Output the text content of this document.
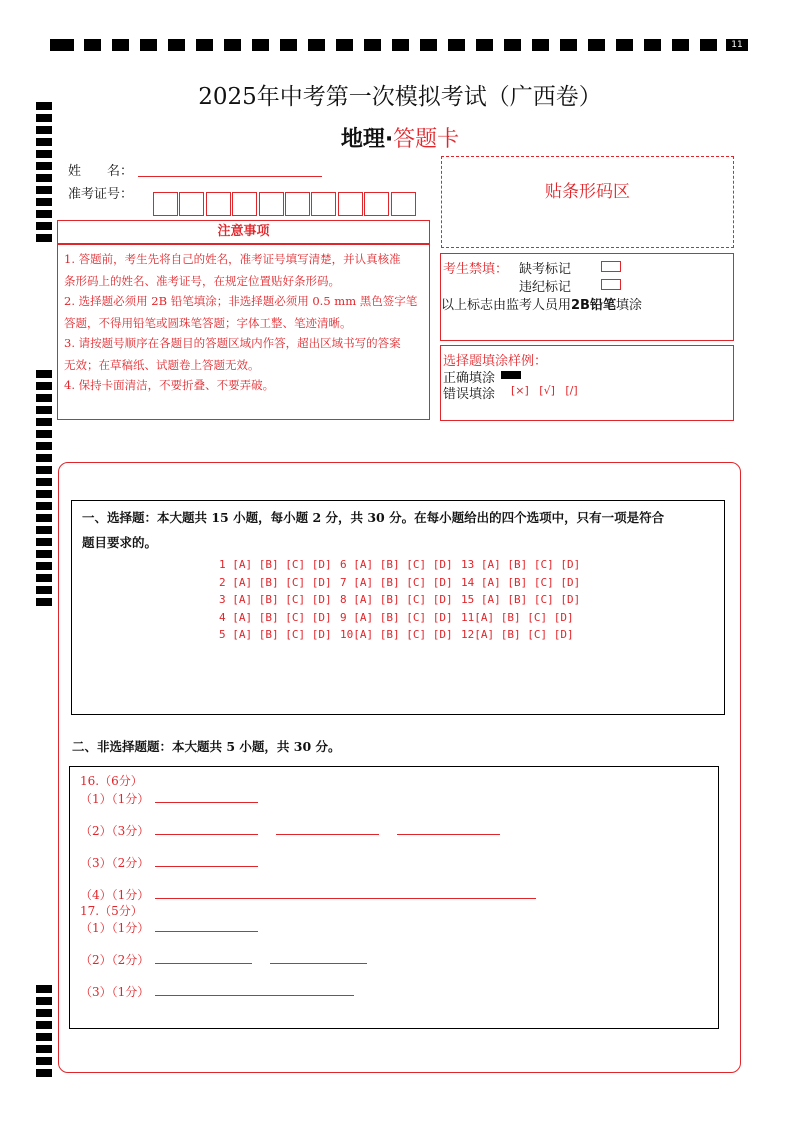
11
2025年中考第一次模拟考试（广西卷）
地理·答题卡
姓　　名：
准考证号：	贴条形码区
注意事项
1. 答题前，考生先将自己的姓名，准考证号填写清楚，并认真核准
条形码上的姓名、准考证号，在规定位置贴好条形码。
2. 选择题必须用 2B 铅笔填涂；非选择题必须用 0.5 mm 黑色签字笔
答题，不得用铅笔或圆珠笔答题；字体工整、笔迹清晰。
3. 请按题号顺序在各题目的答题区域内作答，超出区域书写的答案
无效；在草稿纸、试题卷上答题无效。
4. 保持卡面清洁，不要折叠、不要弄破。
考生禁填： 缺考标记
违纪标记
以上标志由监考人员用2B铅笔填涂
选择题填涂样例：
正确填涂
错误填涂 [×]   [√]   [/]
一、选择题：本大题共 15 小题，每小题 2 分，共 30 分。在每小题给出的四个选项中，只有一项是符合
题目要求的。
1 [A] [B] [C] [D] 6 [A] [B] [C] [D] 13 [A] [B] [C] [D]
2 [A] [B] [C] [D] 7 [A] [B] [C] [D] 14 [A] [B] [C] [D]
3 [A] [B] [C] [D] 8 [A] [B] [C] [D] 15 [A] [B] [C] [D]
4 [A] [B] [C] [D] 9 [A] [B] [C] [D] 11[A] [B] [C] [D]
5 [A] [B] [C] [D] 10[A] [B] [C] [D] 12[A] [B] [C] [D]
二、非选择题题：本大题共 5 小题，共 30 分。
16.（6分）
（1）（1分）
（2）（3分）
（3）（2分）
（4）（1分）
17.（5分）
（1）（1分）
（2）（2分）
（3）（1分）
